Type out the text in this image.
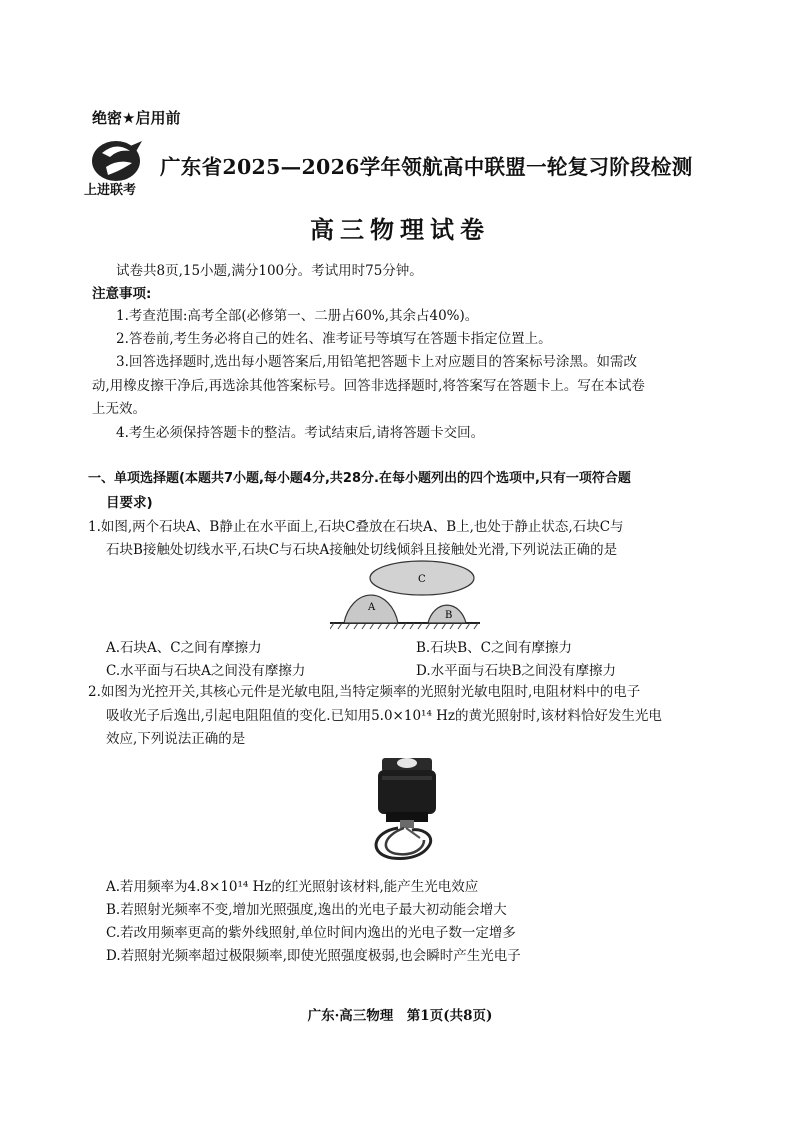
绝密★启用前
上进联考
广东省2025—2026学年领航高中联盟一轮复习阶段检测
高三物理试卷
试卷共8页,15小题,满分100分。考试用时75分钟。
注意事项:
1.考查范围:高考全部(必修第一、二册占60%,其余占40%)。
2.答卷前,考生务必将自己的姓名、准考证号等填写在答题卡指定位置上。
3.回答选择题时,选出每小题答案后,用铅笔把答题卡上对应题目的答案标号涂黑。如需改
动,用橡皮擦干净后,再选涂其他答案标号。回答非选择题时,将答案写在答题卡上。写在本试卷
上无效。
4.考生必须保持答题卡的整洁。考试结束后,请将答题卡交回。
一、单项选择题(本题共7小题,每小题4分,共28分.在每小题列出的四个选项中,只有一项符合题
目要求)
1.如图,两个石块A、B静止在水平面上,石块C叠放在石块A、B上,也处于静止状态,石块C与
石块B接触处切线水平,石块C与石块A接触处切线倾斜且接触处光滑,下列说法正确的是
A
B
C
A.石块A、C之间有摩擦力	B.石块B、C之间有摩擦力
C.水平面与石块A之间没有摩擦力	D.水平面与石块B之间没有摩擦力
2.如图为光控开关,其核心元件是光敏电阻,当特定频率的光照射光敏电阻时,电阻材料中的电子
吸收光子后逸出,引起电阻阻值的变化.已知用5.0×10¹⁴ Hz的黄光照射时,该材料恰好发生光电
效应,下列说法正确的是
A.若用频率为4.8×10¹⁴ Hz的红光照射该材料,能产生光电效应
B.若照射光频率不变,增加光照强度,逸出的光电子最大初动能会增大
C.若改用频率更高的紫外线照射,单位时间内逸出的光电子数一定增多
D.若照射光频率超过极限频率,即使光照强度极弱,也会瞬时产生光电子
广东·高三物理　第1页(共8页)
